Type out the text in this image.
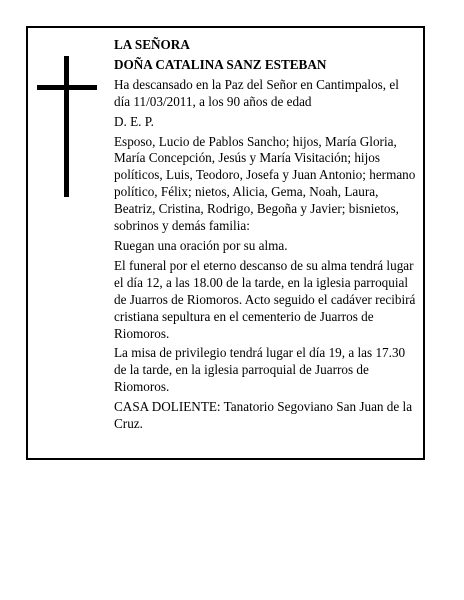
LA SEÑORA

DOÑA CATALINA SANZ ESTEBAN

Ha descansado en la Paz del Señor en Cantimpalos, el día 11/03/2011, a los 90 años de edad

D. E. P.

Esposo, Lucio de Pablos Sancho; hijos, María Gloria, María Concepción, Jesús y María Visitación; hijos políticos, Luis, Teodoro, Josefa y Juan Antonio; hermano político, Félix; nietos, Alicia, Gema, Noah, Laura, Beatriz, Cristina, Rodrigo, Begoña y Javier; bisnietos, sobrinos y demás familia:

Ruegan una oración por su alma.

El funeral por el eterno descanso de su alma tendrá lugar el día 12, a las 18.00 de la tarde, en la iglesia parroquial de Juarros de Riomoros. Acto seguido el cadáver recibirá cristiana sepultura en el cementerio de Juarros de Riomoros.

La misa de privilegio tendrá lugar el día 19, a las 17.30 de la tarde, en la iglesia parroquial de Juarros de Riomoros.

CASA DOLIENTE: Tanatorio Segoviano San Juan de la Cruz.
